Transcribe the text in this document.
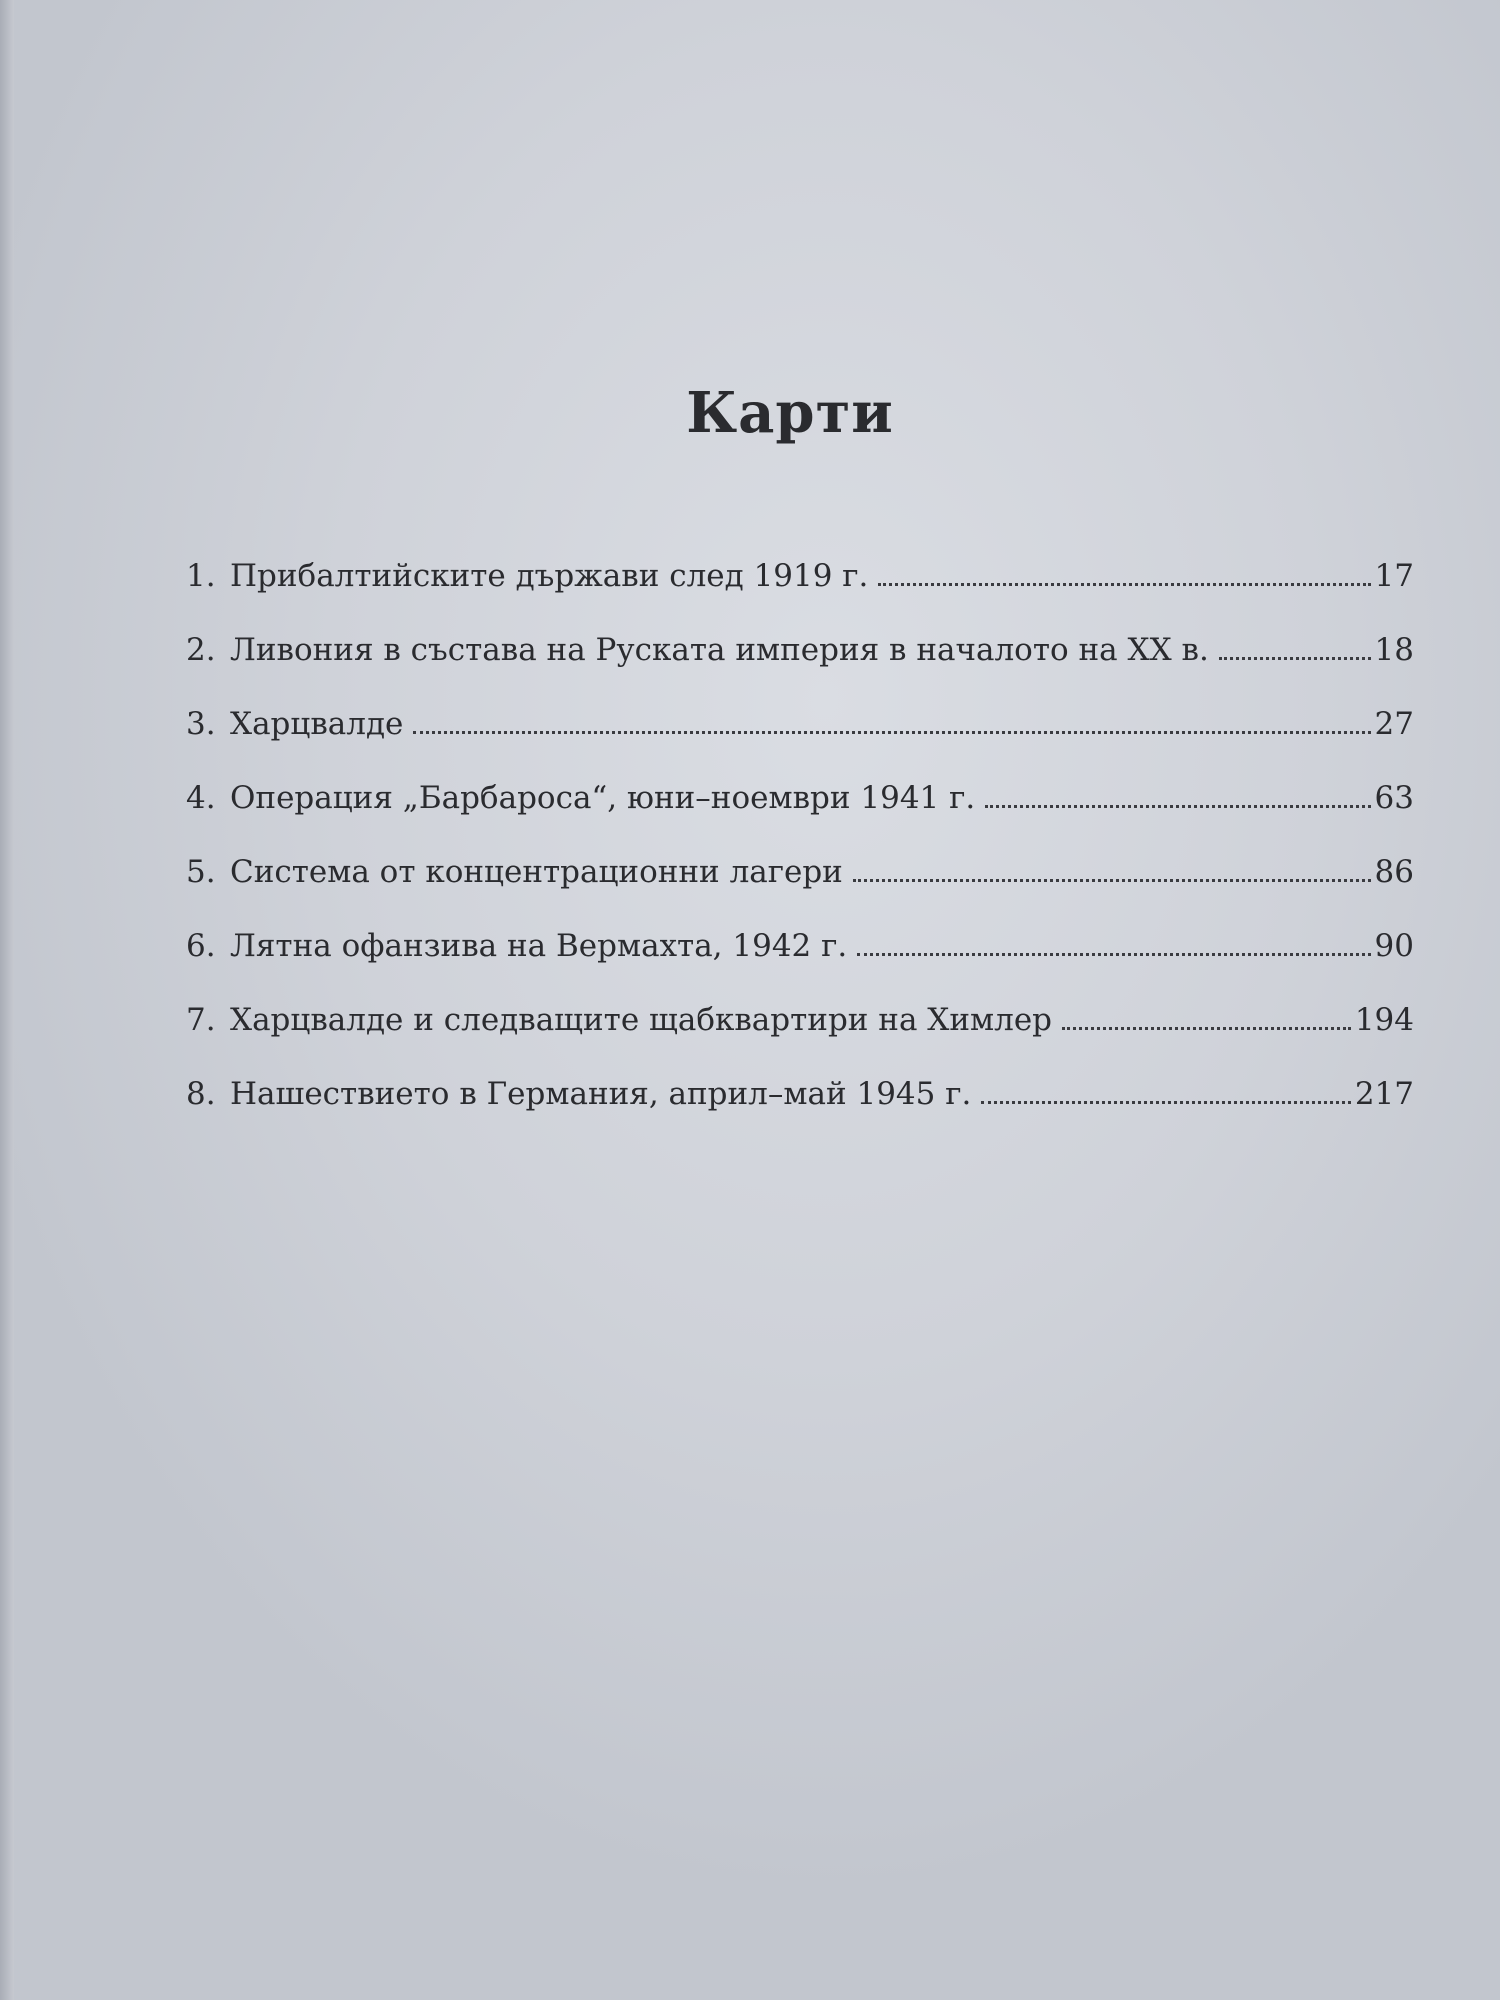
Карти
1. Прибалтийските държави след 1919 г.	17
2. Ливония в състава на Руската империя в началото на XX в.	18
3. Харцвалде	27
4. Операция „Барбароса“, юни–ноември 1941 г.	63
5. Система от концентрационни лагери	86
6. Лятна офанзива на Вермахта, 1942 г.	90
7. Харцвалде и следващите щабквартири на Химлер	194
8. Нашествието в Германия, април–май 1945 г.	217
